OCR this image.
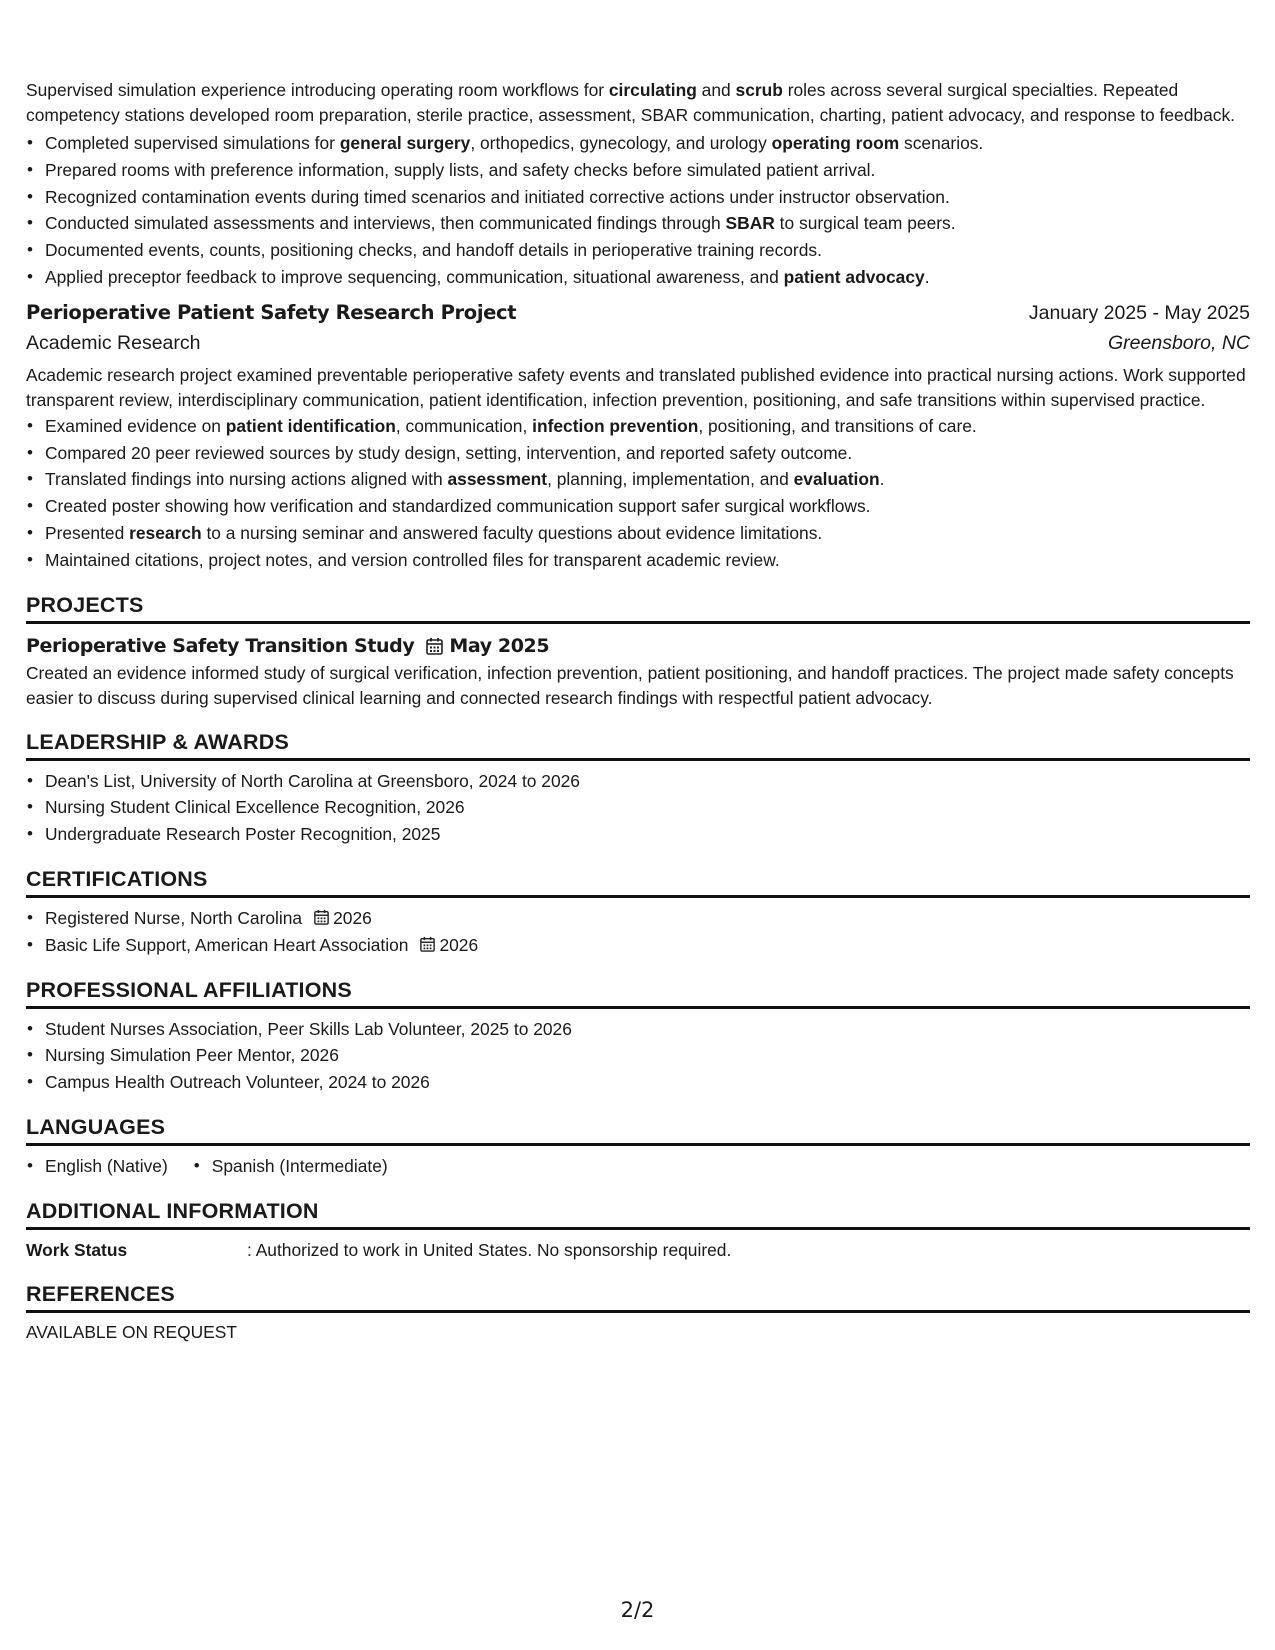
Supervised simulation experience introducing operating room workflows for circulating and scrub roles across several surgical specialties. Repeated competency stations developed room preparation, sterile practice, assessment, SBAR communication, charting, patient advocacy, and response to feedback.

• Completed supervised simulations for general surgery, orthopedics, gynecology, and urology operating room scenarios.
• Prepared rooms with preference information, supply lists, and safety checks before simulated patient arrival.
• Recognized contamination events during timed scenarios and initiated corrective actions under instructor observation.
• Conducted simulated assessments and interviews, then communicated findings through SBAR to surgical team peers.
• Documented events, counts, positioning checks, and handoff details in perioperative training records.
• Applied preceptor feedback to improve sequencing, communication, situational awareness, and patient advocacy.
Perioperative Patient Safety Research Project	January 2025 - May 2025
Academic Research	Greensboro, NC

Academic research project examined preventable perioperative safety events and translated published evidence into practical nursing actions. Work supported transparent review, interdisciplinary communication, patient identification, infection prevention, positioning, and safe transitions within supervised practice.

• Examined evidence on patient identification, communication, infection prevention, positioning, and transitions of care.
• Compared 20 peer reviewed sources by study design, setting, intervention, and reported safety outcome.
• Translated findings into nursing actions aligned with assessment, planning, implementation, and evaluation.
• Created poster showing how verification and standardized communication support safer surgical workflows.
• Presented research to a nursing seminar and answered faculty questions about evidence limitations.
• Maintained citations, project notes, and version controlled files for transparent academic review.
PROJECTS
Perioperative Safety Transition Study May 2025

Created an evidence informed study of surgical verification, infection prevention, patient positioning, and handoff practices. The project made safety concepts easier to discuss during supervised clinical learning and connected research findings with respectful patient advocacy.

LEADERSHIP & AWARDS
• Dean's List, University of North Carolina at Greensboro, 2024 to 2026
• Nursing Student Clinical Excellence Recognition, 2026
• Undergraduate Research Poster Recognition, 2025
CERTIFICATIONS
• Registered Nurse, North Carolina 2026
• Basic Life Support, American Heart Association 2026
PROFESSIONAL AFFILIATIONS
• Student Nurses Association, Peer Skills Lab Volunteer, 2025 to 2026
• Nursing Simulation Peer Mentor, 2026
• Campus Health Outreach Volunteer, 2024 to 2026
LANGUAGES
• English (Native)
•	Spanish (Intermediate)
ADDITIONAL INFORMATION
Work Status	: Authorized to work in United States. No sponsorship required.
REFERENCES

AVAILABLE ON REQUEST

2/2
